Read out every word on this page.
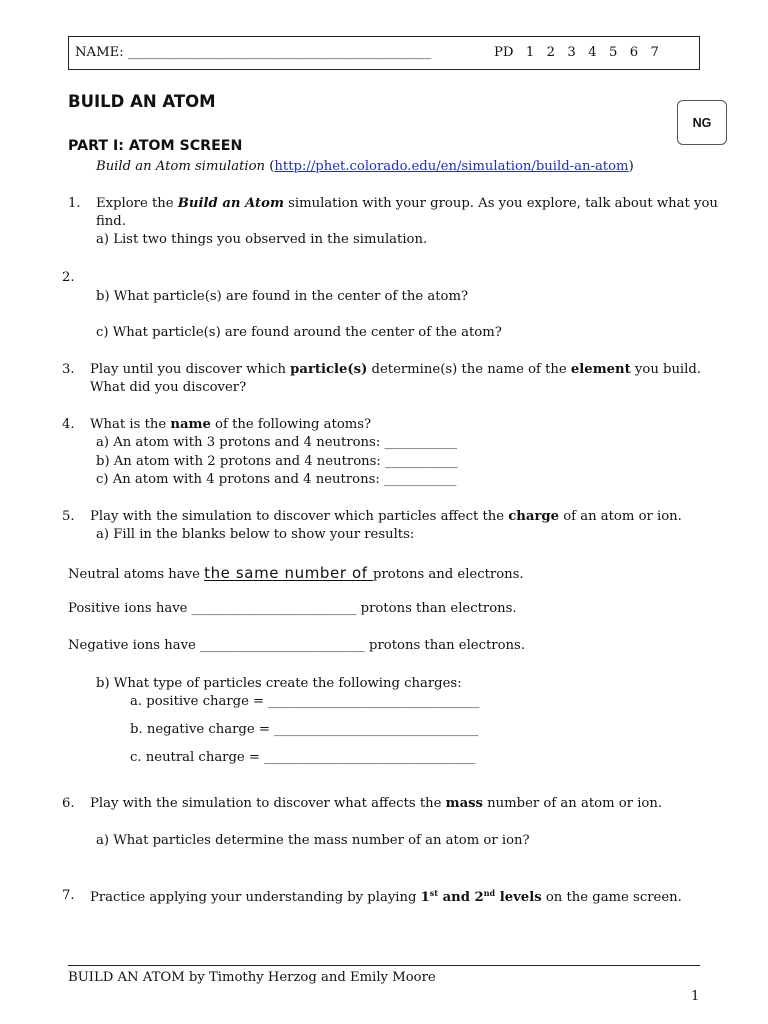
NAME: ______________________________________________	PD 1 2 3 4 5 6 7
BUILD AN ATOM
NG
PART I: ATOM SCREEN
Build an Atom simulation (http://phet.colorado.edu/en/simulation/build-an-atom)
1. Explore the Build an Atom simulation with your group. As you explore, talk about what you
find.
a) List two things you observed in the simulation.
2.
b) What particle(s) are found in the center of the atom?
c) What particle(s) are found around the center of the atom?
3. Play until you discover which particle(s) determine(s) the name of the element you build.
What did you discover?
4. What is the name of the following atoms?
a) An atom with 3 protons and 4 neutrons: ___________
b) An atom with 2 protons and 4 neutrons: ___________
c) An atom with 4 protons and 4 neutrons: ___________
5. Play with the simulation to discover which particles affect the charge of an atom or ion.
a) Fill in the blanks below to show your results:
Neutral atoms have the same number of protons and electrons.
Positive ions have _________________________ protons than electrons.
Negative ions have _________________________ protons than electrons.
b) What type of particles create the following charges:
a. positive charge = ________________________________
b. negative charge = _______________________________
c. neutral charge = ________________________________
6. Play with the simulation to discover what affects the mass number of an atom or ion.
a) What particles determine the mass number of an atom or ion?
7. Practice applying your understanding by playing 1st and 2nd levels on the game screen.
BUILD AN ATOM by Timothy Herzog and Emily Moore
1
